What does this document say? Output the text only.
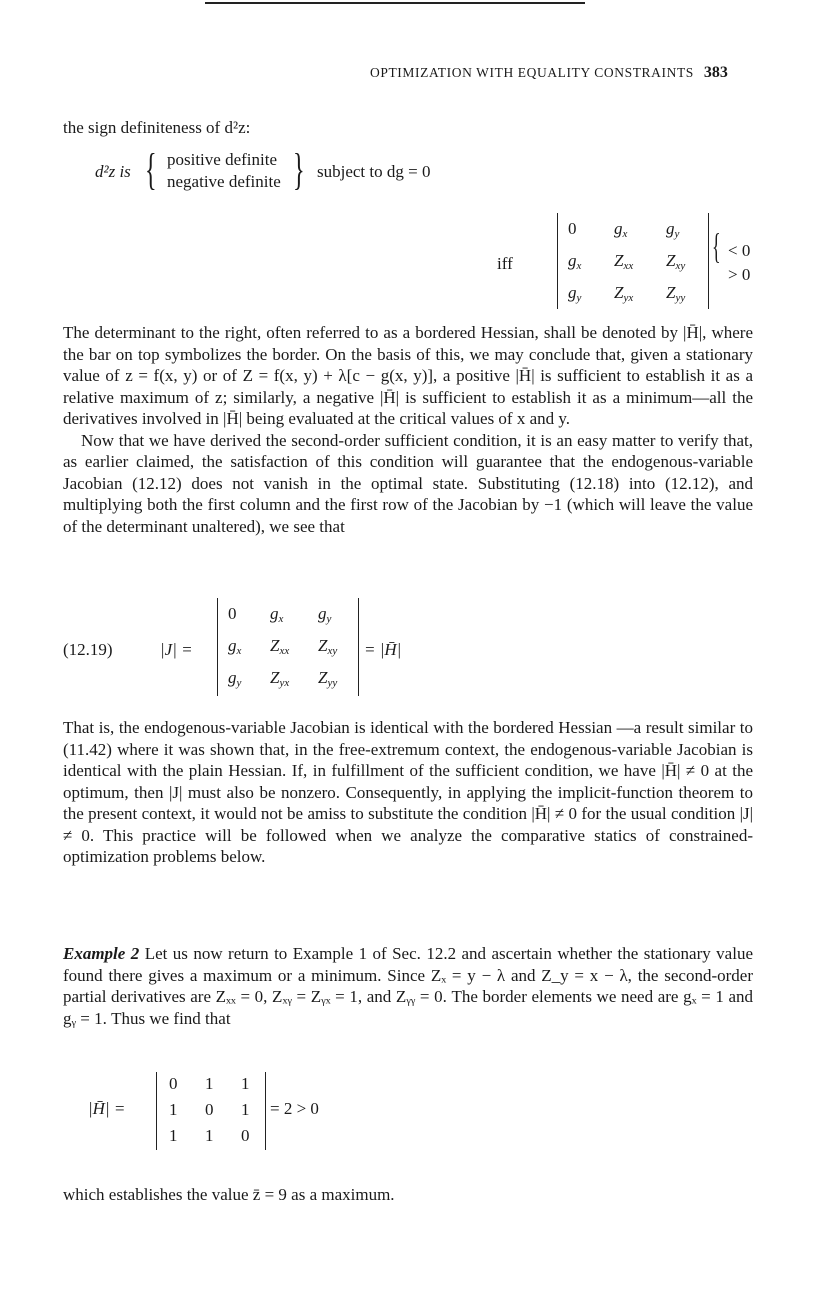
OPTIMIZATION WITH EQUALITY CONSTRAINTS 383
the sign definiteness of d²z:
d²z is { positive definite
negative definite } subject to dg = 0
iff
0 $g_x$ $g_y$
$g_x$ $Z_{xx}$ $Z_{xy}$
$g_y$ $Z_{yx}$ $Z_{yy}$
{ < 0
> 0

The determinant to the right, often referred to as a bordered Hessian, shall be denoted by |H̄|, where the bar on top symbolizes the border. On the basis of this, we may conclude that, given a stationary value of z = f(x, y) or of Z = f(x, y) + λ[c − g(x, y)], a positive |H̄| is sufficient to establish it as a relative maximum of z; similarly, a negative |H̄| is sufficient to establish it as a minimum—all the derivatives involved in |H̄| being evaluated at the critical values of x and y.

Now that we have derived the second-order sufficient condition, it is an easy matter to verify that, as earlier claimed, the satisfaction of this condition will guarantee that the endogenous-variable Jacobian (12.12) does not vanish in the optimal state. Substituting (12.18) into (12.12), and multiplying both the first column and the first row of the Jacobian by −1 (which will leave the value of the determinant unaltered), we see that

(12.19)	|J| =
0 $g_x$ $g_y$
$g_x$ $Z_{xx}$ $Z_{xy}$
$g_y$ $Z_{yx}$ $Z_{yy}$
= |H̄|
That is, the endogenous-variable Jacobian is identical with the bordered Hessian —a result similar to (11.42) where it was shown that, in the free-extremum context, the endogenous-variable Jacobian is identical with the plain Hessian. If, in fulfillment of the sufficient condition, we have |H̄| ≠ 0 at the optimum, then |J| must also be nonzero. Consequently, in applying the implicit-function theorem to the present context, it would not be amiss to substitute the condition |H̄| ≠ 0 for the usual condition |J| ≠ 0. This practice will be followed when we analyze the comparative statics of constrained-optimization problems below.
Example 2 Let us now return to Example 1 of Sec. 12.2 and ascertain whether the stationary value found there gives a maximum or a minimum. Since Zₓ = y − λ and Z_y = x − λ, the second-order partial derivatives are Zₓₓ = 0, Zₓᵧ = Zᵧₓ = 1, and Zᵧᵧ = 0. The border elements we need are gₓ = 1 and gᵧ = 1. Thus we find that
|H̄| =
0 1 1
1 0 1
1 1 0
= 2 > 0
which establishes the value z̄ = 9 as a maximum.
